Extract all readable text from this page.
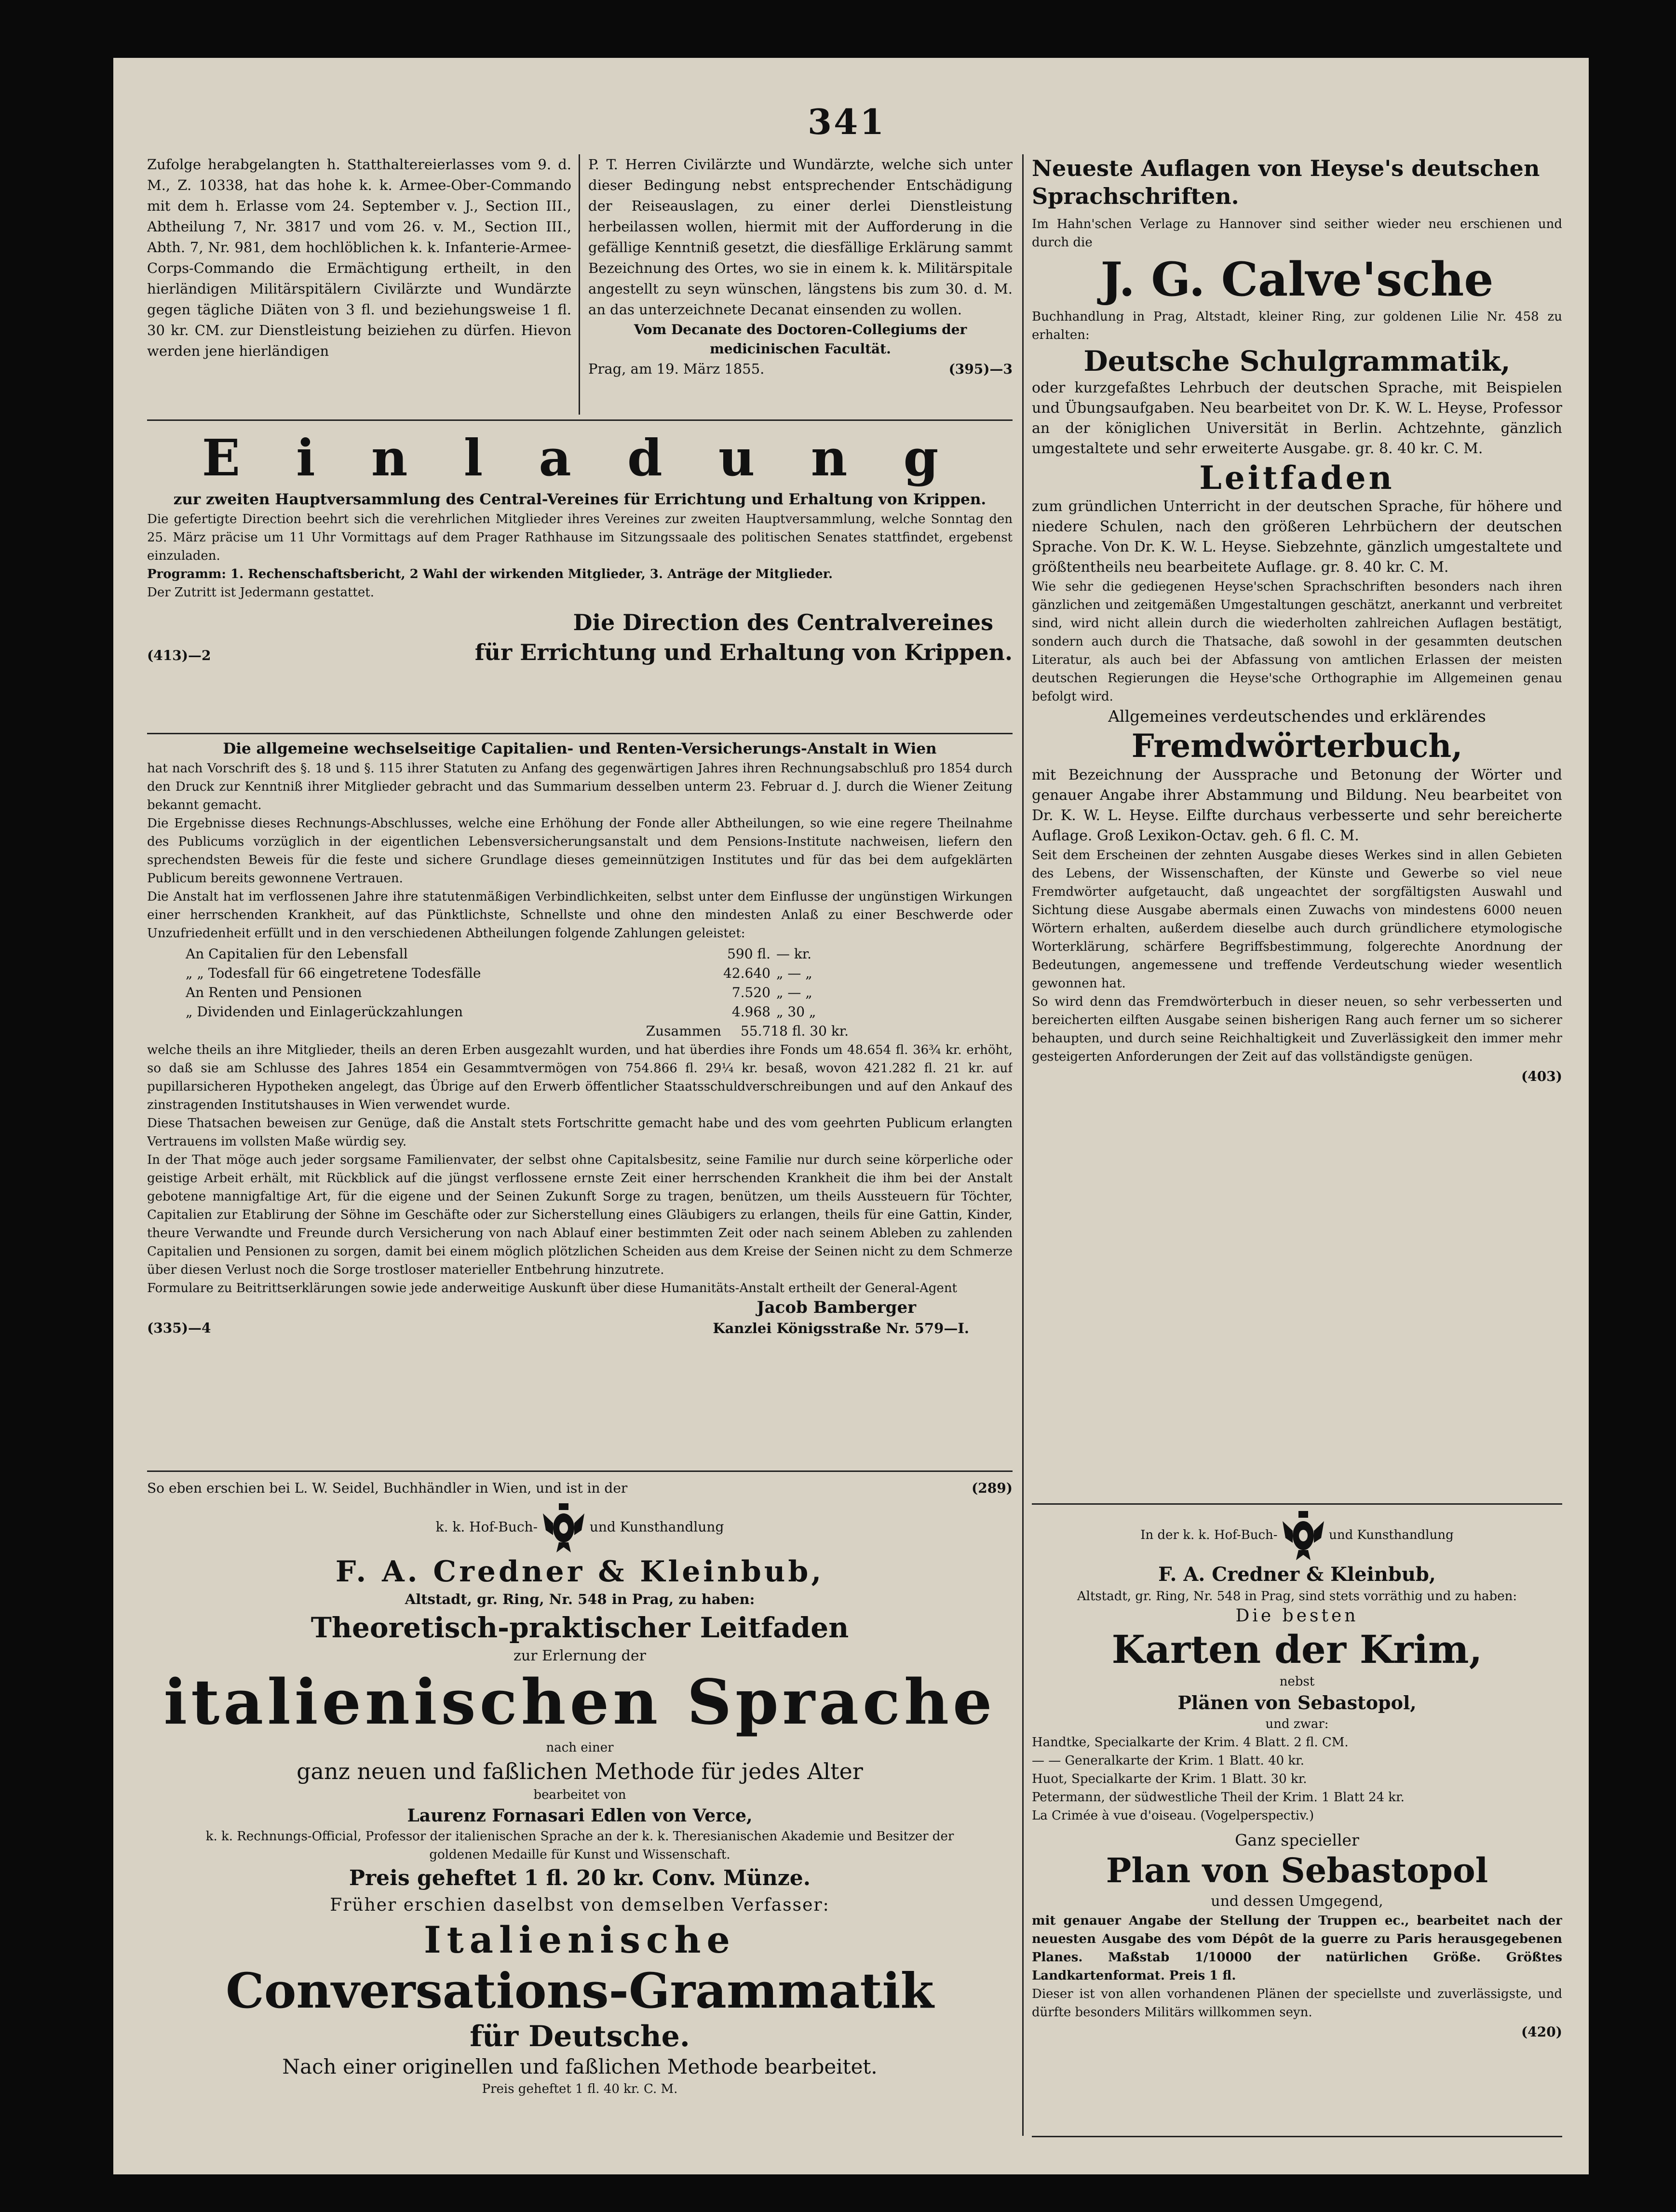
341

Zufolge herabgelangten h. Statthaltereierlasses vom 9. d. M., Z. 10338, hat das hohe k. k. Armee-Ober-Commando mit dem h. Erlasse vom 24. September v. J., Section III., Abtheilung 7, Nr. 3817 und vom 26. v. M., Section III., Abth. 7, Nr. 981, dem hochlöblichen k. k. Infanterie-Armee-Corps-Commando die Ermächtigung ertheilt, in den hierländigen Militärspitälern Civilärzte und Wundärzte gegen tägliche Diäten von 3 fl. und beziehungsweise 1 fl. 30 kr. CM. zur Dienstleistung beiziehen zu dürfen. Hievon werden jene hierländigen

P. T. Herren Civilärzte und Wundärzte, welche sich unter dieser Bedingung nebst entsprechender Entschädigung der Reiseauslagen, zu einer derlei Dienstleistung herbeilassen wollen, hiermit mit der Aufforderung in die gefällige Kenntniß gesetzt, die diesfällige Erklärung sammt Bezeichnung des Ortes, wo sie in einem k. k. Militärspitale angestellt zu seyn wünschen, längstens bis zum 30. d. M. an das unterzeichnete Decanat einsenden zu wollen.

Vom Decanate des Doctoren-Collegiums der medicinischen Facultät.

Prag, am 19. März 1855.	(395)—3

E i n l a d u n g

zur zweiten Hauptversammlung des Central-Vereines für Errichtung und Erhaltung von Krippen.

Die gefertigte Direction beehrt sich die verehrlichen Mitglieder ihres Vereines zur zweiten Hauptversammlung, welche Sonntag den 25. März präcise um 11 Uhr Vormittags auf dem Prager Rathhause im Sitzungssaale des politischen Senates stattfindet, ergebenst einzuladen.

Programm: 1. Rechenschaftsbericht, 2 Wahl der wirkenden Mitglieder, 3. Anträge der Mitglieder.

Der Zutritt ist Jedermann gestattet.

Die Direction des Centralvereines

(413)—2	für Errichtung und Erhaltung von Krippen.

Die allgemeine wechselseitige Capitalien- und Renten-Versicherungs-Anstalt in Wien

hat nach Vorschrift des §. 18 und §. 115 ihrer Statuten zu Anfang des gegenwärtigen Jahres ihren Rechnungsabschluß pro 1854 durch den Druck zur Kenntniß ihrer Mitglieder gebracht und das Summarium desselben unterm 23. Februar d. J. durch die Wiener Zeitung bekannt gemacht.

Die Ergebnisse dieses Rechnungs-Abschlusses, welche eine Erhöhung der Fonde aller Abtheilungen, so wie eine regere Theilnahme des Publicums vorzüglich in der eigentlichen Lebensversicherungsanstalt und dem Pensions-Institute nachweisen, liefern den sprechendsten Beweis für die feste und sichere Grundlage dieses gemeinnützigen Institutes und für das bei dem aufgeklärten Publicum bereits gewonnene Vertrauen.

Die Anstalt hat im verflossenen Jahre ihre statutenmäßigen Verbindlichkeiten, selbst unter dem Einflusse der ungünstigen Wirkungen einer herrschenden Krankheit, auf das Pünktlichste, Schnellste und ohne den mindesten Anlaß zu einer Beschwerde oder Unzufriedenheit erfüllt und in den verschiedenen Abtheilungen folgende Zahlungen geleistet:

An Capitalien für den Lebensfall	590 fl. — kr.
„ „ Todesfall für 66 eingetretene Todesfälle	42.640 „ — „
An Renten und Pensionen	7.520 „ — „
„ Dividenden und Einlagerückzahlungen	4.968 „ 30 „
Zusammen	55.718 fl. 30 kr.

welche theils an ihre Mitglieder, theils an deren Erben ausgezahlt wurden, und hat überdies ihre Fonds um 48.654 fl. 36¾ kr. erhöht, so daß sie am Schlusse des Jahres 1854 ein Gesammtvermögen von 754.866 fl. 29¼ kr. besaß, wovon 421.282 fl. 21 kr. auf pupillarsicheren Hypotheken angelegt, das Übrige auf den Erwerb öffentlicher Staatsschuldverschreibungen und auf den Ankauf des zinstragenden Institutshauses in Wien verwendet wurde.

Diese Thatsachen beweisen zur Genüge, daß die Anstalt stets Fortschritte gemacht habe und des vom geehrten Publicum erlangten Vertrauens im vollsten Maße würdig sey.

In der That möge auch jeder sorgsame Familienvater, der selbst ohne Capitalsbesitz, seine Familie nur durch seine körperliche oder geistige Arbeit erhält, mit Rückblick auf die jüngst verflossene ernste Zeit einer herrschenden Krankheit die ihm bei der Anstalt gebotene mannigfaltige Art, für die eigene und der Seinen Zukunft Sorge zu tragen, benützen, um theils Aussteuern für Töchter, Capitalien zur Etablirung der Söhne im Geschäfte oder zur Sicherstellung eines Gläubigers zu erlangen, theils für eine Gattin, Kinder, theure Verwandte und Freunde durch Versicherung von nach Ablauf einer bestimmten Zeit oder nach seinem Ableben zu zahlenden Capitalien und Pensionen zu sorgen, damit bei einem möglich plötzlichen Scheiden aus dem Kreise der Seinen nicht zu dem Schmerze über diesen Verlust noch die Sorge trostloser materieller Entbehrung hinzutrete.

Formulare zu Beitrittserklärungen sowie jede anderweitige Auskunft über diese Humanitäts-Anstalt ertheilt der General-Agent

Jacob Bamberger

(335)—4	Kanzlei Königsstraße Nr. 579—I.
So eben erschien bei L. W. Seidel, Buchhändler in Wien, und ist in der	(289)
k. k. Hof-Buch-	und Kunsthandlung

F. A. Credner & Kleinbub,

Altstadt, gr. Ring, Nr. 548 in Prag, zu haben:

Theoretisch-praktischer Leitfaden

zur Erlernung der

italienischen Sprache

nach einer

ganz neuen und faßlichen Methode für jedes Alter

bearbeitet von

Laurenz Fornasari Edlen von Verce,

k. k. Rechnungs-Official, Professor der italienischen Sprache an der k. k. Theresianischen Akademie und Besitzer der goldenen Medaille für Kunst und Wissenschaft.

Preis geheftet 1 fl. 20 kr. Conv. Münze.

Früher erschien daselbst von demselben Verfasser:

Italienische

Conversations-Grammatik

für Deutsche.

Nach einer originellen und faßlichen Methode bearbeitet.

Preis geheftet 1 fl. 40 kr. C. M.

Neueste Auflagen von Heyse's deutschen Sprachschriften.

Im Hahn'schen Verlage zu Hannover sind seither wieder neu erschienen und durch die

J. G. Calve'sche

Buchhandlung in Prag, Altstadt, kleiner Ring, zur goldenen Lilie Nr. 458 zu erhalten:

Deutsche Schulgrammatik,

oder kurzgefaßtes Lehrbuch der deutschen Sprache, mit Beispielen und Übungsaufgaben. Neu bearbeitet von Dr. K. W. L. Heyse, Professor an der königlichen Universität in Berlin. Achtzehnte, gänzlich umgestaltete und sehr erweiterte Ausgabe. gr. 8. 40 kr. C. M.

Leitfaden

zum gründlichen Unterricht in der deutschen Sprache, für höhere und niedere Schulen, nach den größeren Lehrbüchern der deutschen Sprache. Von Dr. K. W. L. Heyse. Siebzehnte, gänzlich umgestaltete und größtentheils neu bearbeitete Auflage. gr. 8. 40 kr. C. M.

Wie sehr die gediegenen Heyse'schen Sprachschriften besonders nach ihren gänzlichen und zeitgemäßen Umgestaltungen geschätzt, anerkannt und verbreitet sind, wird nicht allein durch die wiederholten zahlreichen Auflagen bestätigt, sondern auch durch die Thatsache, daß sowohl in der gesammten deutschen Literatur, als auch bei der Abfassung von amtlichen Erlassen der meisten deutschen Regierungen die Heyse'sche Orthographie im Allgemeinen genau befolgt wird.

Allgemeines verdeutschendes und erklärendes

Fremdwörterbuch,

mit Bezeichnung der Aussprache und Betonung der Wörter und genauer Angabe ihrer Abstammung und Bildung. Neu bearbeitet von Dr. K. W. L. Heyse. Eilfte durchaus verbesserte und sehr bereicherte Auflage. Groß Lexikon-Octav. geh. 6 fl. C. M.

Seit dem Erscheinen der zehnten Ausgabe dieses Werkes sind in allen Gebieten des Lebens, der Wissenschaften, der Künste und Gewerbe so viel neue Fremdwörter aufgetaucht, daß ungeachtet der sorgfältigsten Auswahl und Sichtung diese Ausgabe abermals einen Zuwachs von mindestens 6000 neuen Wörtern erhalten, außerdem dieselbe auch durch gründlichere etymologische Worterklärung, schärfere Begriffsbestimmung, folgerechte Anordnung der Bedeutungen, angemessene und treffende Verdeutschung wieder wesentlich gewonnen hat.

So wird denn das Fremdwörterbuch in dieser neuen, so sehr verbesserten und bereicherten eilften Ausgabe seinen bisherigen Rang auch ferner um so sicherer behaupten, und durch seine Reichhaltigkeit und Zuverlässigkeit den immer mehr gesteigerten Anforderungen der Zeit auf das vollständigste genügen.

(403)

In der k. k. Hof-Buch-	und Kunsthandlung

F. A. Credner & Kleinbub,

Altstadt, gr. Ring, Nr. 548 in Prag, sind stets vorräthig und zu haben:

Die besten

Karten der Krim,

nebst

Plänen von Sebastopol,

und zwar:

Handtke, Specialkarte der Krim. 4 Blatt. 2 fl. CM.

— — Generalkarte der Krim. 1 Blatt. 40 kr.

Huot, Specialkarte der Krim. 1 Blatt. 30 kr.

Petermann, der südwestliche Theil der Krim. 1 Blatt 24 kr.

La Crimée à vue d'oiseau. (Vogelperspectiv.)

Ganz specieller

Plan von Sebastopol

und dessen Umgegend,

mit genauer Angabe der Stellung der Truppen ec., bearbeitet nach der neuesten Ausgabe des vom Dépôt de la guerre zu Paris herausgegebenen Planes. Maßstab 1/10000 der natürlichen Größe. Größtes Landkartenformat. Preis 1 fl.

Dieser ist von allen vorhandenen Plänen der speciellste und zuverlässigste, und dürfte besonders Militärs willkommen seyn.

(420)
